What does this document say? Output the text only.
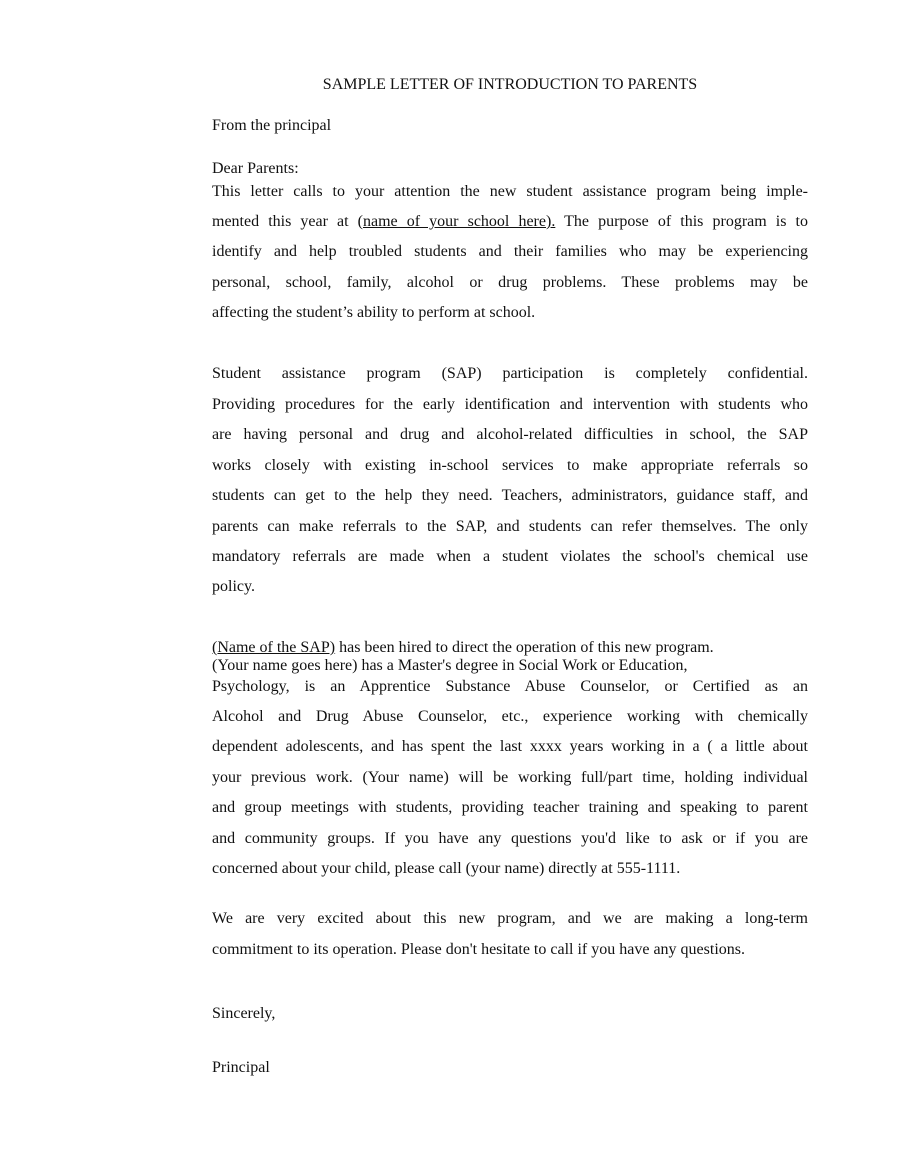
SAMPLE LETTER OF INTRODUCTION TO PARENTS
From the principal
Dear Parents:
This letter calls to your attention the new student assistance program being imple-
mented this year at (name of your school here). The purpose of this program is to
identify and help troubled students and their families who may be experiencing
personal, school, family, alcohol or drug problems. These problems may be
affecting the student’s ability to perform at school.
Student assistance program (SAP) participation is completely confidential.
Providing procedures for the early identification and intervention with students who
are having personal and drug and alcohol-related difficulties in school, the SAP
works closely with existing in-school services to make appropriate referrals so
students can get to the help they need. Teachers, administrators, guidance staff, and
parents can make referrals to the SAP, and students can refer themselves. The only
mandatory referrals are made when a student violates the school's chemical use
policy.
(Name of the SAP) has been hired to direct the operation of this new program.
(Your name goes here) has a Master's degree in Social Work or Education,
Psychology, is an Apprentice Substance Abuse Counselor, or Certified as an
Alcohol and Drug Abuse Counselor, etc., experience working with chemically
dependent adolescents, and has spent the last xxxx years working in a ( a little about
your previous work. (Your name) will be working full/part time, holding individual
and group meetings with students, providing teacher training and speaking to parent
and community groups. If you have any questions you'd like to ask or if you are
concerned about your child, please call (your name) directly at 555-1111.
We are very excited about this new program, and we are making a long-term
commitment to its operation. Please don't hesitate to call if you have any questions.
Sincerely,
Principal
